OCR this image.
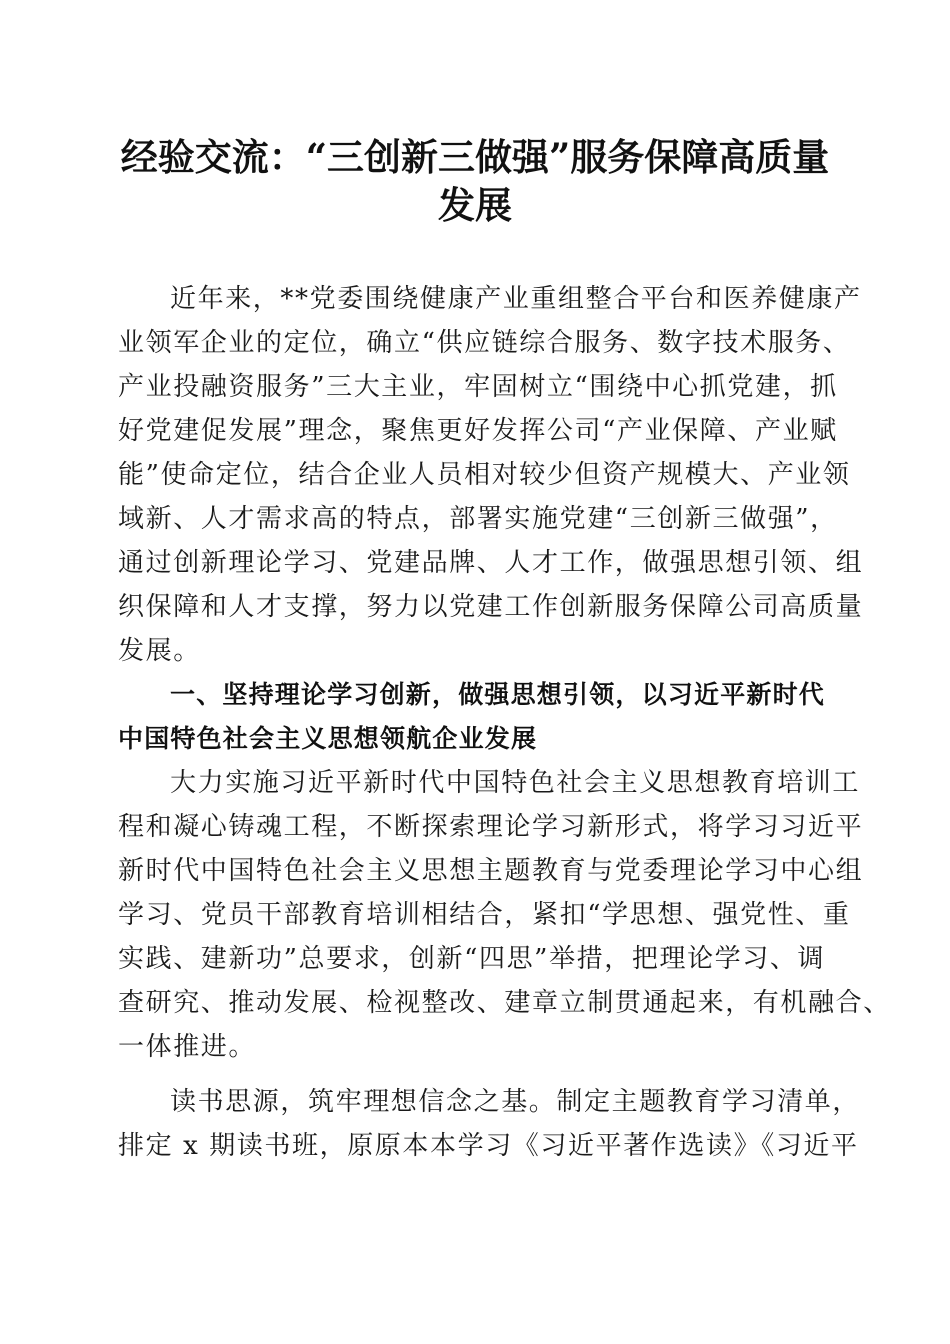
经验交流：“三创新三做强”服务保障高质量
发展
近年来，**党委围绕健康产业重组整合平台和医养健康产
业领军企业的定位，确立“供应链综合服务、数字技术服务、
产业投融资服务”三大主业，牢固树立“围绕中心抓党建，抓
好党建促发展”理念，聚焦更好发挥公司“产业保障、产业赋
能”使命定位，结合企业人员相对较少但资产规模大、产业领
域新、人才需求高的特点，部署实施党建“三创新三做强”，
通过创新理论学习、党建品牌、人才工作，做强思想引领、组
织保障和人才支撑，努力以党建工作创新服务保障公司高质量
发展。
一、坚持理论学习创新，做强思想引领，以习近平新时代
中国特色社会主义思想领航企业发展
大力实施习近平新时代中国特色社会主义思想教育培训工
程和凝心铸魂工程，不断探索理论学习新形式，将学习习近平
新时代中国特色社会主义思想主题教育与党委理论学习中心组
学习、党员干部教育培训相结合，紧扣“学思想、强党性、重
实践、建新功”总要求，创新“四思”举措，把理论学习、调
查研究、推动发展、检视整改、建章立制贯通起来，有机融合、
一体推进。
读书思源，筑牢理想信念之基。制定主题教育学习清单，
排定 x 期读书班，原原本本学习《习近平著作选读》《习近平
